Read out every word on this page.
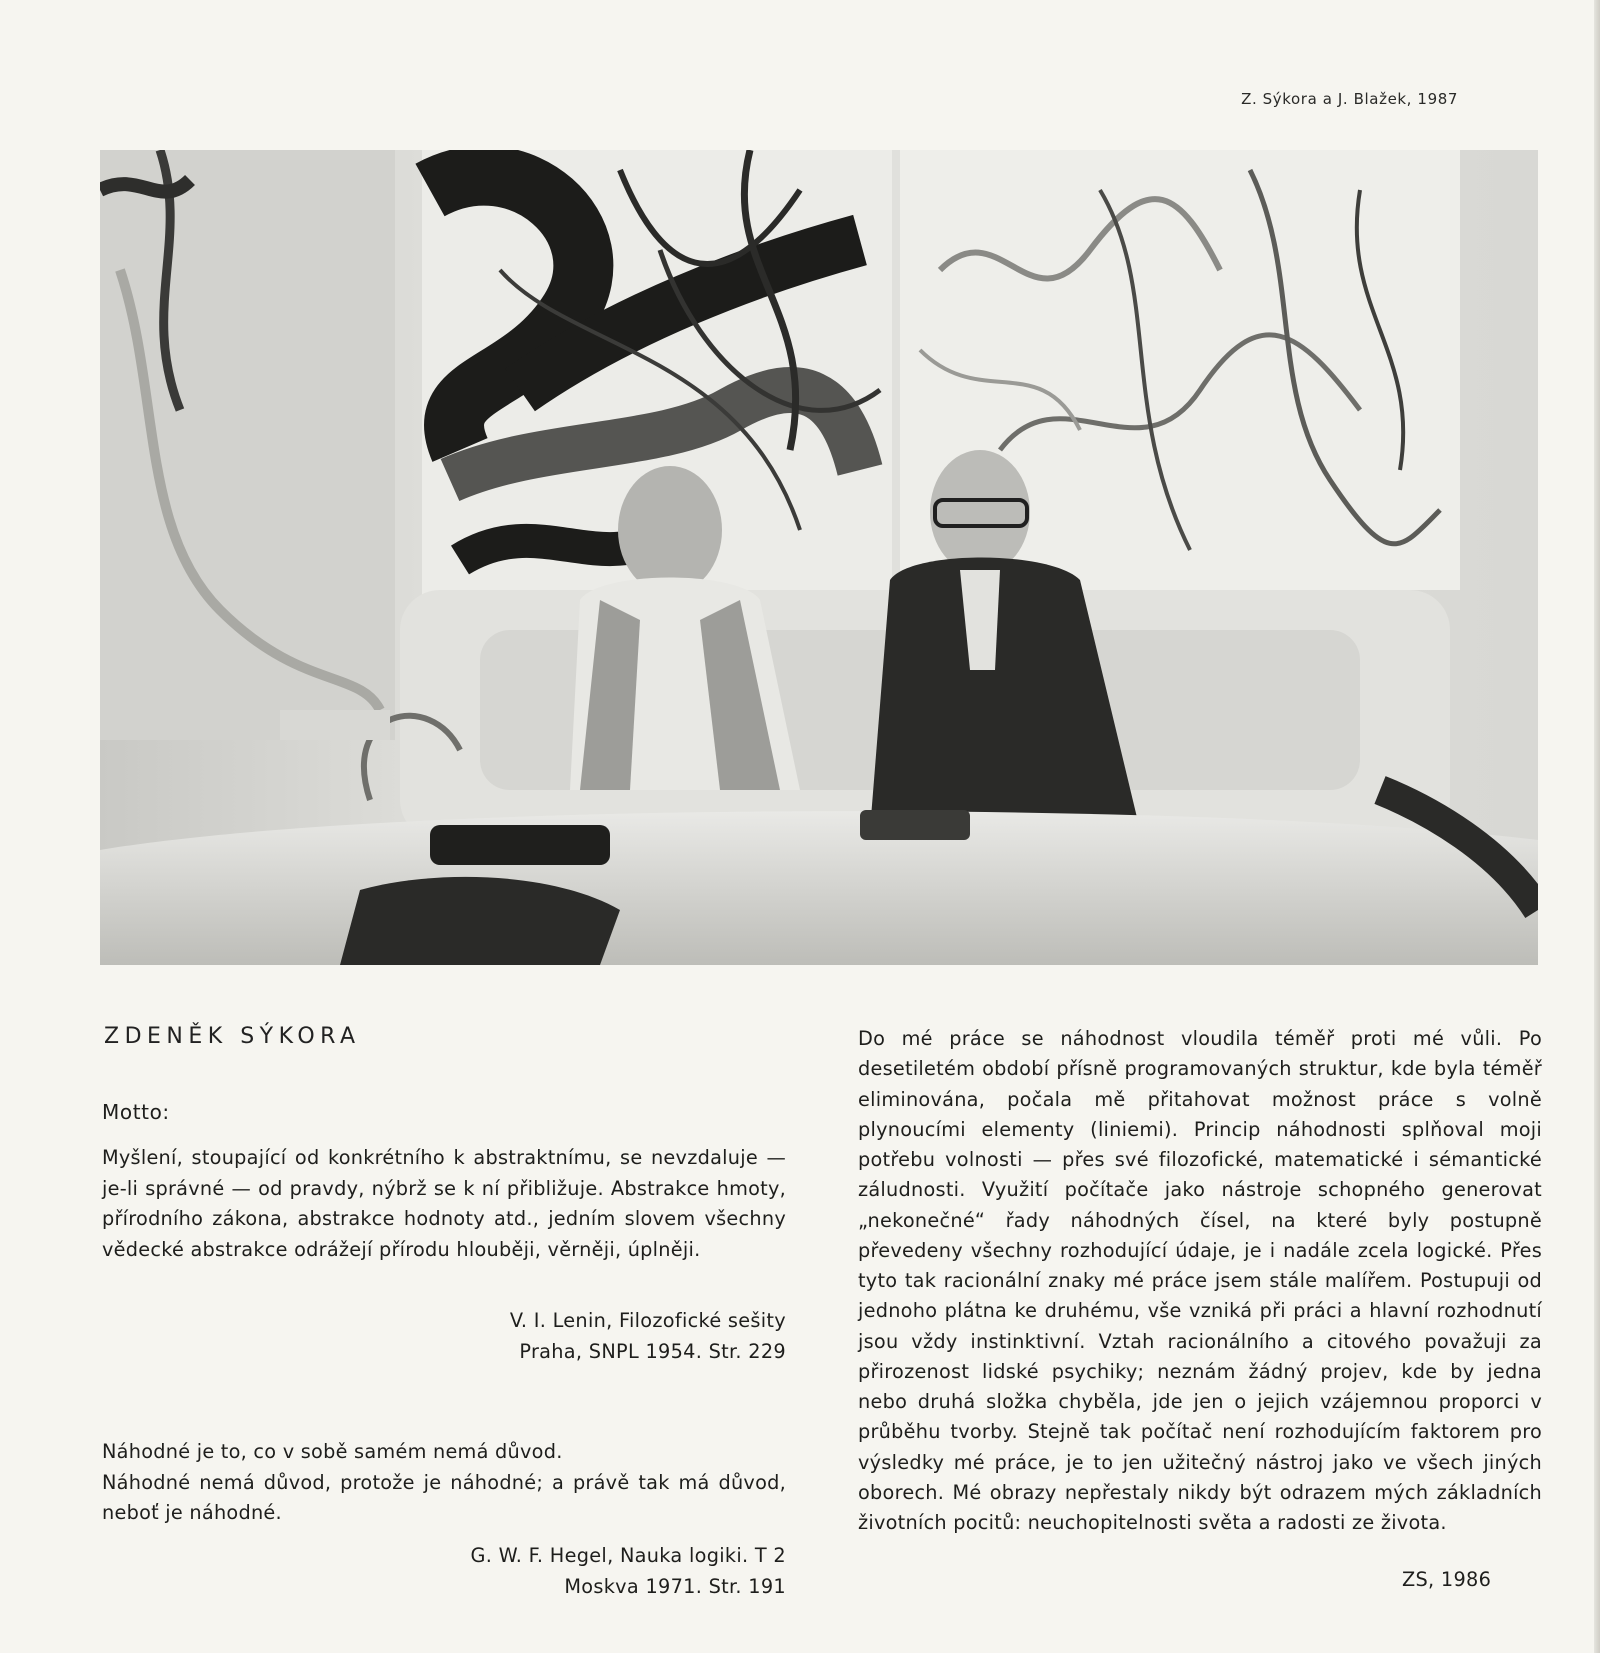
Z. Sýkora a J. Blažek, 1987
ZDENĚK SÝKORA
Motto:

Myšlení, stoupající od konkrétního k abstraktnímu, se nevzdaluje — je-li správné — od pravdy, nýbrž se k ní přibližuje. Abstrakce hmoty, přírodního zákona, abstrakce hodnoty atd., jedním slovem všechny vědecké abstrakce odrážejí přírodu hlouběji, věrněji, úplněji.

V. I. Lenin, Filozofické sešity
Praha, SNPL 1954. Str. 229
Náhodné je to, co v sobě samém nemá důvod.
Náhodné nemá důvod, protože je náhodné; a právě tak má důvod, neboť je náhodné.
G. W. F. Hegel, Nauka logiki. T 2
Moskva 1971. Str. 191

Do mé práce se náhodnost vloudila téměř proti mé vůli. Po desetiletém období přísně programovaných struktur, kde byla téměř eliminována, počala mě přitahovat možnost práce s volně plynoucími elementy (liniemi). Princip náhodnosti splňoval moji potřebu volnosti — přes své filozofické, matematické i sémantické záludnosti. Využití počítače jako nástroje schopného generovat „nekonečné“ řady náhodných čísel, na které byly postupně převedeny všechny rozhodující údaje, je i nadále zcela logické. Přes tyto tak racionální znaky mé práce jsem stále malířem. Postupuji od jednoho plátna ke druhému, vše vzniká při práci a hlavní rozhodnutí jsou vždy instinktivní. Vztah racionálního a citového považuji za přirozenost lidské psychiky; neznám žádný projev, kde by jedna nebo druhá složka chyběla, jde jen o jejich vzájemnou proporci v průběhu tvorby. Stejně tak počítač není rozhodujícím faktorem pro výsledky mé práce, je to jen užitečný nástroj jako ve všech jiných oborech. Mé obrazy nepřestaly nikdy být odrazem mých základních životních pocitů: neuchopitelnosti světa a radosti ze života.

ZS, 1986
